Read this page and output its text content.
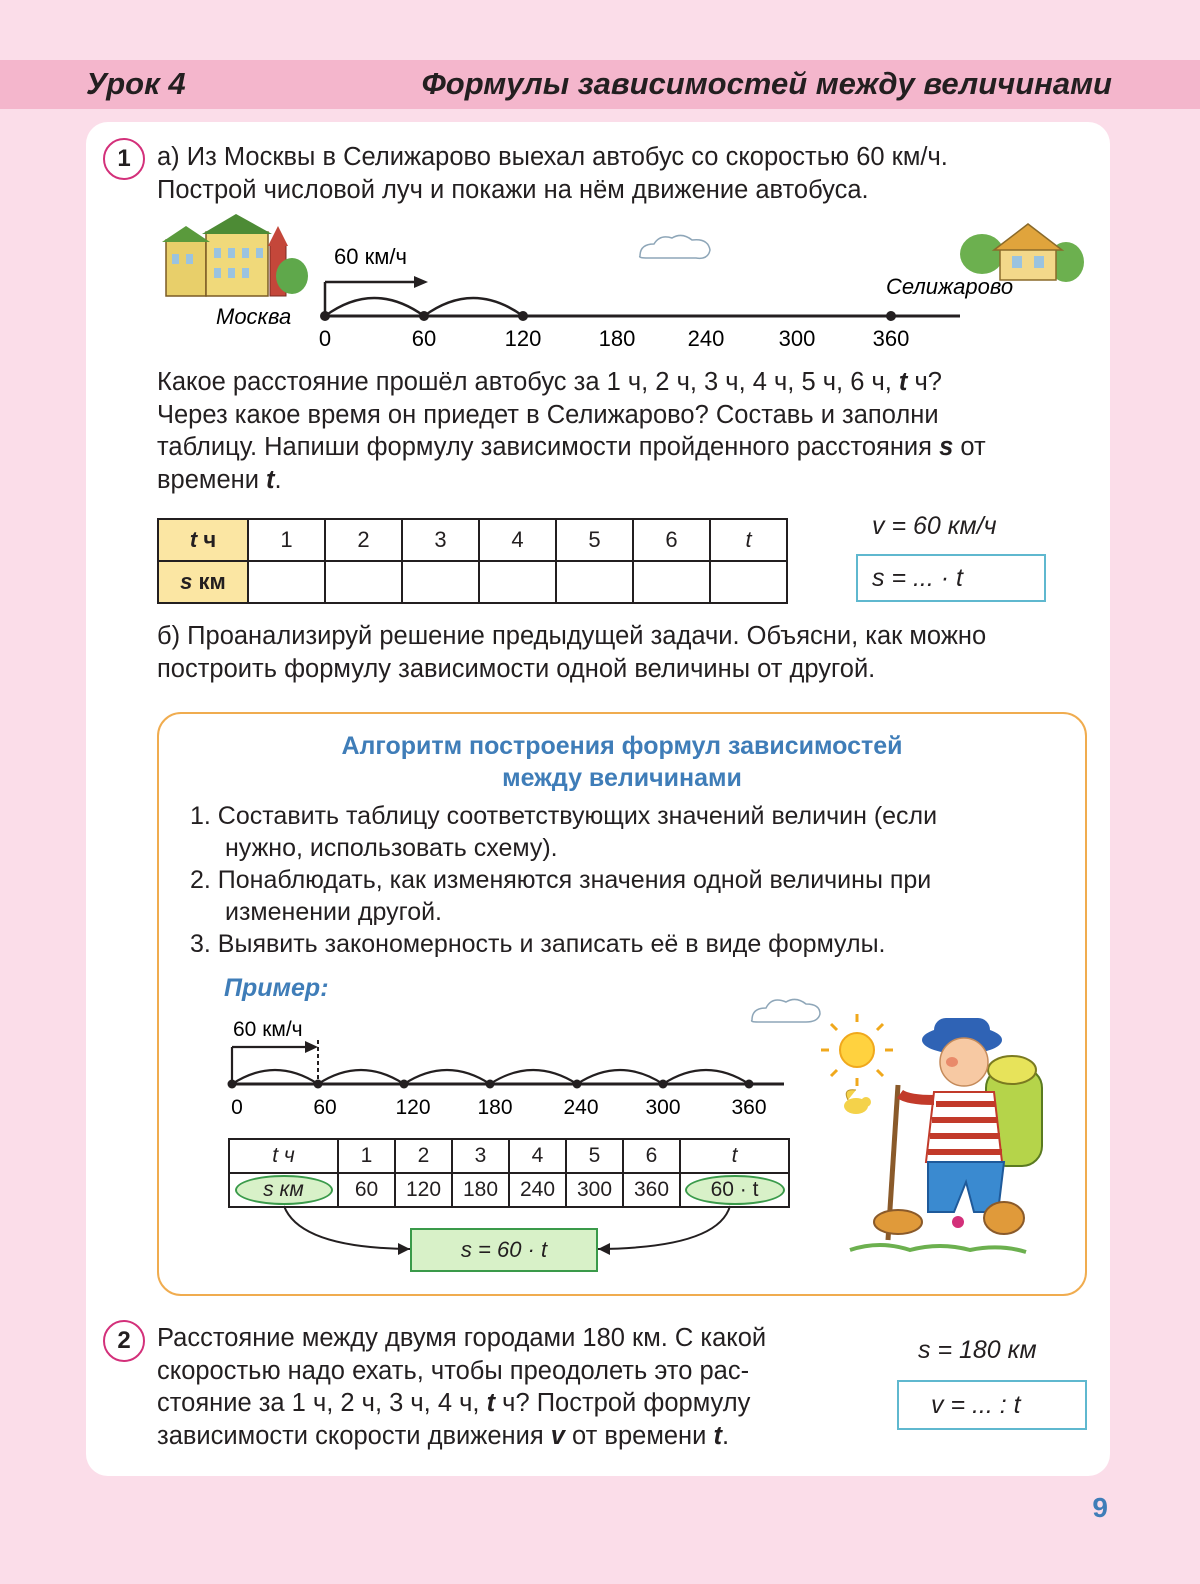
Урок 4	Формулы зависимостей между величинами
1	а) Из Москвы в Селижарово выехал автобус со скоростью 60 км/ч.
Построй числовой луч и покажи на нём движение автобуса.
60 км/ч
Москва
Селижарово
0	60	120	180 240 300	360
Какое расстояние прошёл автобус за 1 ч, 2 ч, 3 ч, 4 ч, 5 ч, 6 ч, t ч?
Через какое время он приедет в Селижарово? Составь и заполни
таблицу. Напиши формулу зависимости пройденного расстояния s от
времени t.
t ч	1	2	3	4	5	6	t
s км							
v = 60 км/ч
s = ... · t
б) Проанализируй решение предыдущей задачи. Объясни, как можно
построить формулу зависимости одной величины от другой.
Алгоритм построения формул зависимостей
между величинами
1. Составить таблицу соответствующих значений величин (если
нужно, использовать схему).
2. Понаблюдать, как изменяются значения одной величины при
изменении другой.
3. Выявить закономерность и записать её в виде формулы.
Пример:
60 км/ч
0	60	120 180 240 300 360
t ч	1	2	3	4	5	6	t
s км	60	120	180	240	300	360	60 · t
s = 60 · t
2	Расстояние между двумя городами 180 км. С какой
скоростью надо ехать, чтобы преодолеть это рас-
стояние за 1 ч, 2 ч, 3 ч, 4 ч, t ч? Построй формулу
зависимости скорости движения v от времени t.
s = 180 км
v = ... : t
9
